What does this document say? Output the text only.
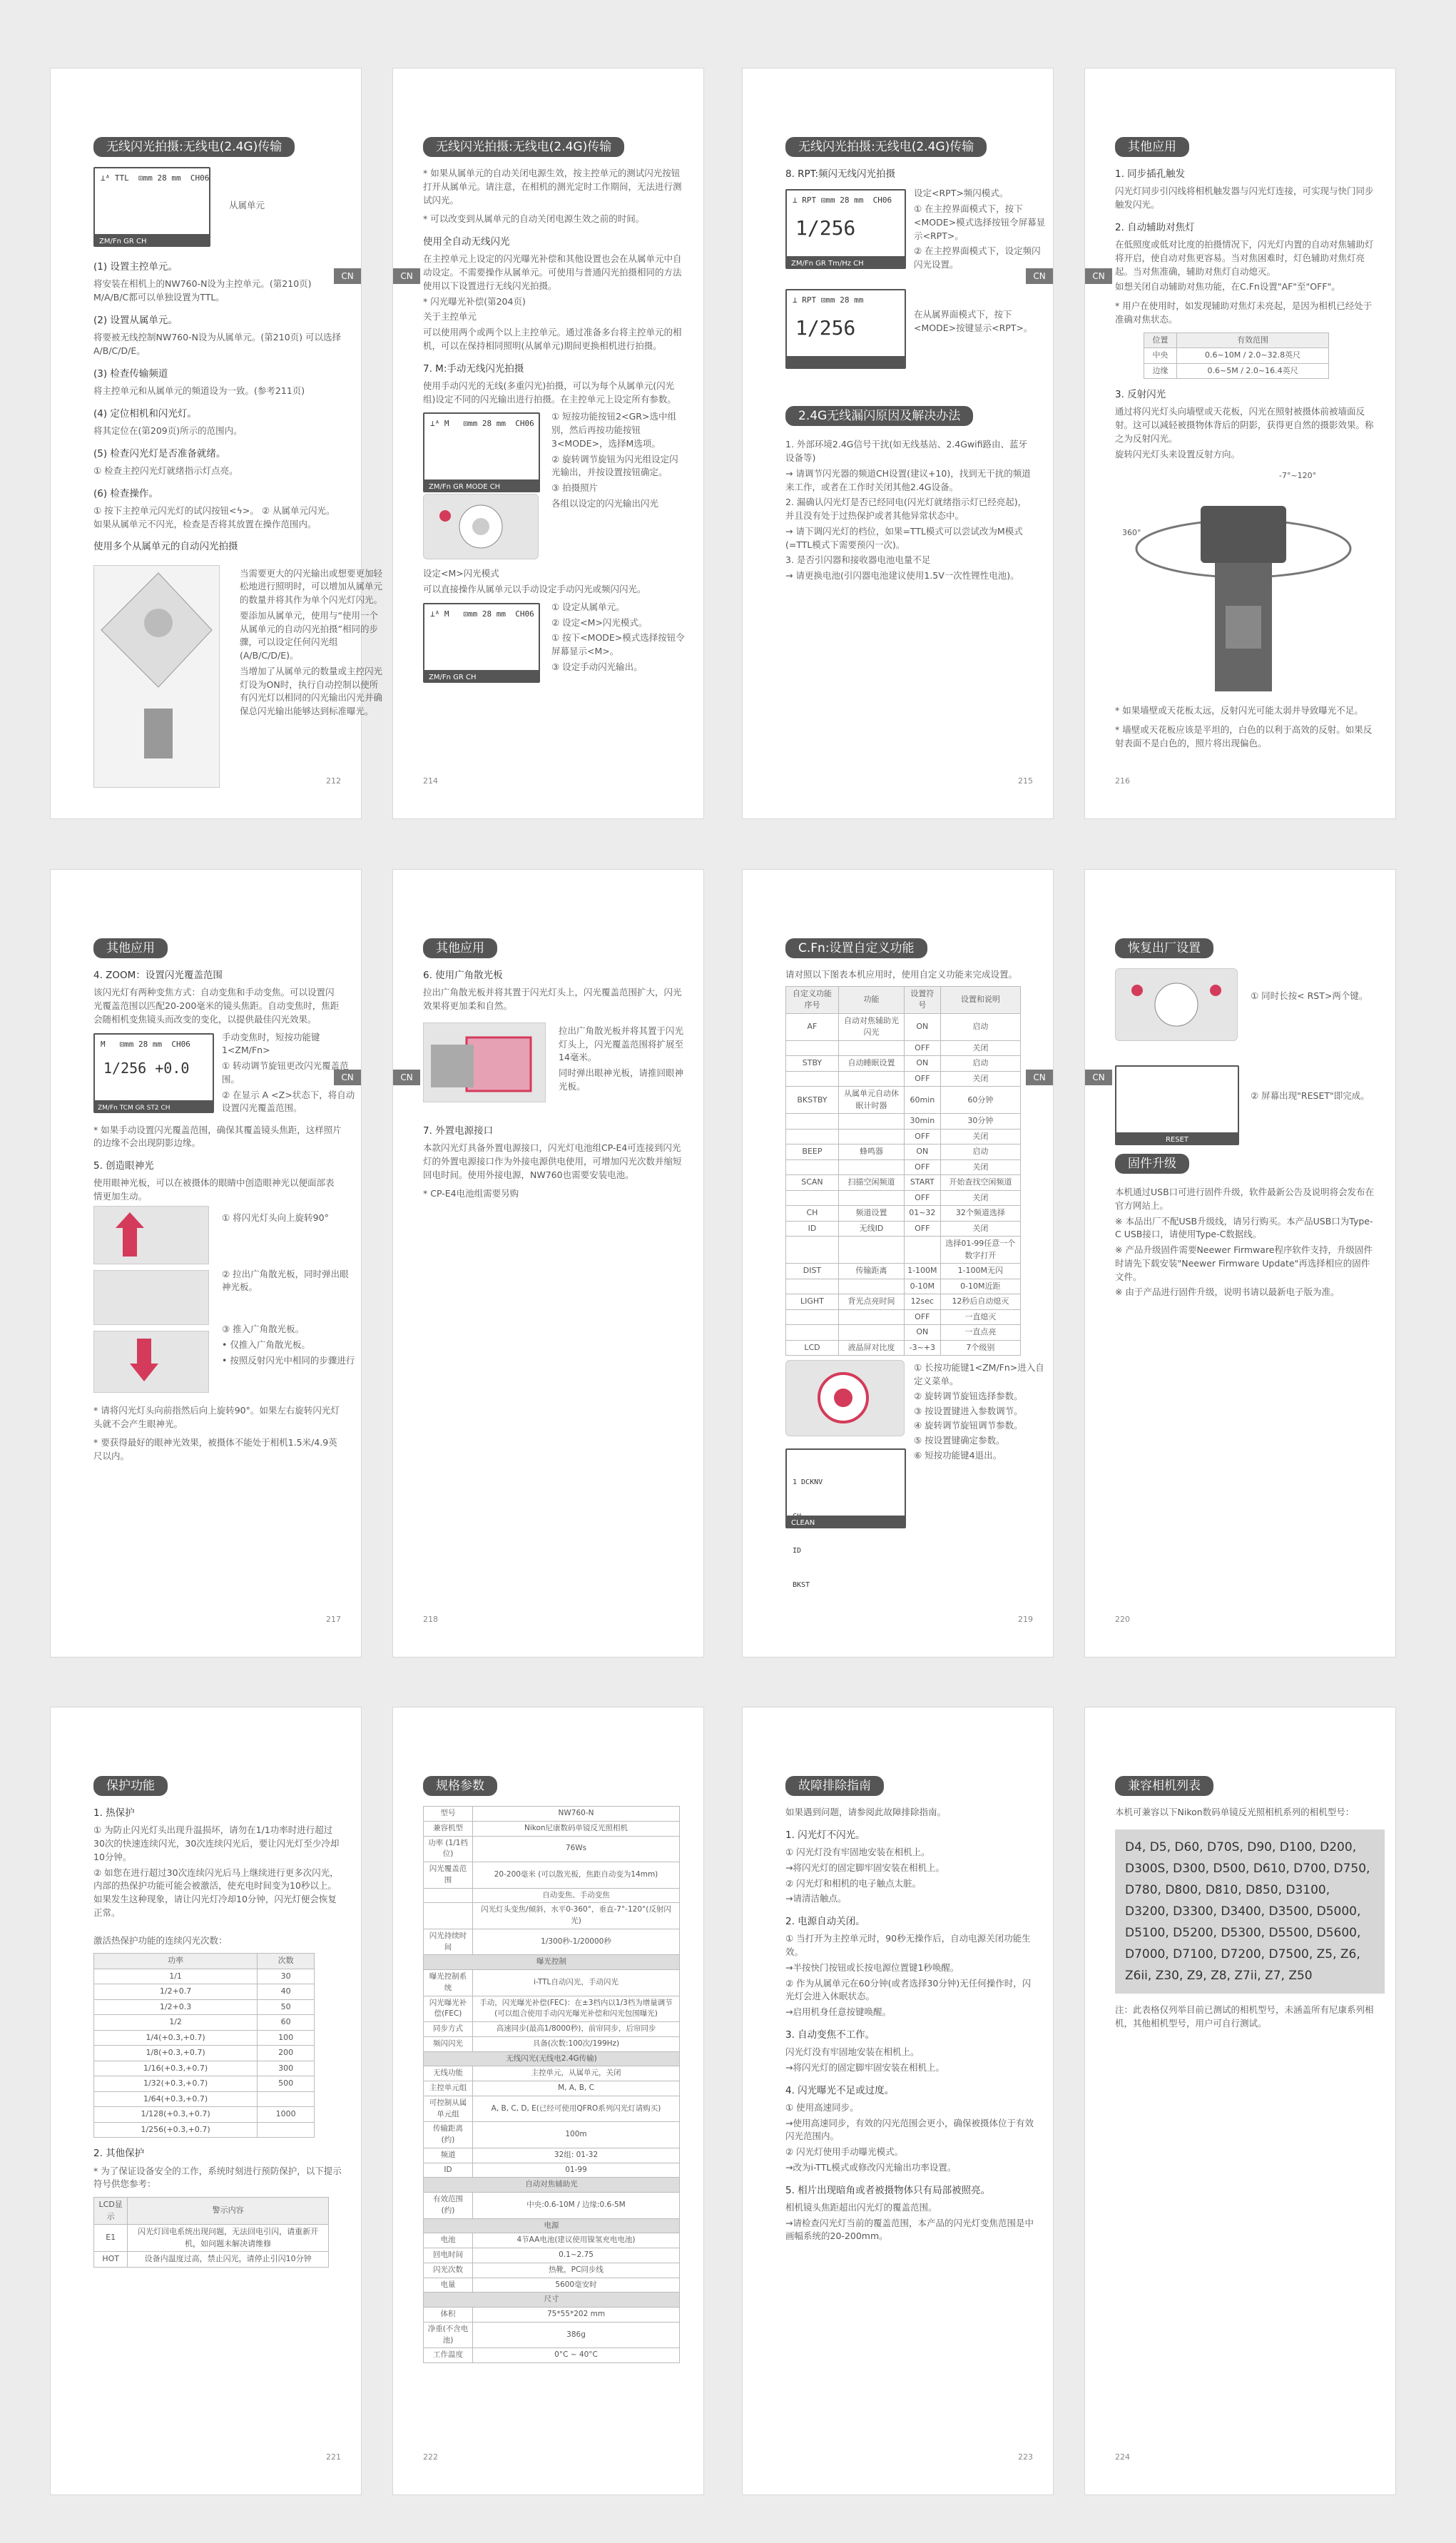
无线闪光拍摄:无线电(2.4G)传输
CN
⊥ᴬ TTL  ⊡mm 28 mm  CH06
ZM/Fn GR CH
从属单元
(1) 设置主控单元。
将安装在相机上的NW760-N设为主控单元。(第210页) M/A/B/C都可以单独设置为TTL。
(2) 设置从属单元。
将要被无线控制NW760-N设为从属单元。(第210页) 可以选择A/B/C/D/E。
(3) 检查传输频道
将主控单元和从属单元的频道设为一致。(参考211页)
(4) 定位相机和闪光灯。
将其定位在(第209页)所示的范围内。
(5) 检查闪光灯是否准备就绪。
① 检查主控闪光灯就绪指示灯点亮。
(6) 检查操作。
① 按下主控单元闪光灯的试闪按钮<ϟ>。 ② 从属单元闪光。如果从属单元不闪光，检查是否将其放置在操作范围内。
使用多个从属单元的自动闪光拍摄

当需要更大的闪光输出或想要更加轻松地进行照明时，可以增加从属单元的数量并将其作为单个闪光灯闪光。

要添加从属单元，使用与“使用一个从属单元的自动闪光拍摄”相同的步骤，可以设定任何闪光组(A/B/C/D/E)。

当增加了从属单元的数量或主控闪光灯设为ON时，执行自动控制以使所有闪光灯以相同的闪光输出闪光并确保总闪光输出能够达到标准曝光。

212
无线闪光拍摄:无线电(2.4G)传输
CN

* 如果从属单元的自动关闭电源生效，按主控单元的测试闪光按钮打开从属单元。请注意，在相机的测光定时工作期间，无法进行测试闪光。

* 可以改变到从属单元的自动关闭电源生效之前的时间。

使用全自动无线闪光

在主控单元上设定的闪光曝光补偿和其他设置也会在从属单元中自动设定。不需要操作从属单元。可使用与普通闪光拍摄相同的方法使用以下设置进行无线闪光拍摄。

* 闪光曝光补偿(第204页)

关于主控单元

可以使用两个或两个以上主控单元。通过准备多台将主控单元的相机，可以在保持相同照明(从属单元)期间更换相机进行拍摄。

7. M:手动无线闪光拍摄

使用手动闪光的无线(多重闪光)拍摄，可以为每个从属单元(闪光组)设定不同的闪光输出进行拍摄。在主控单元上设定所有参数。

⊥ᴬ M   ⊡mm 28 mm  CH06
ZM/Fn GR MODE CH

① 短按功能按钮2<GR>选中组别，然后再按功能按钮3<MODE>，选择M选项。

② 旋转调节旋钮为闪光组设定闪光输出，并按设置按钮确定。

③ 拍摄照片

各组以设定的闪光输出闪光

设定<M>闪光模式

可以直接操作从属单元以手动设定手动闪光或频闪闪光。

⊥ᴬ M   ⊡mm 28 mm  CH06
ZM/Fn GR CH

① 设定从属单元。

② 设定<M>闪光模式。

① 按下<MODE>模式选择按钮令屏幕显示<M>。

③ 设定手动闪光输出。

214
无线闪光拍摄:无线电(2.4G)传输
CN
8. RPT:频闪无线闪光拍摄
⊥ RPT ⊡mm 28 mm  CH06
1/256
ZM/Fn GR Tm/Hz CH

设定<RPT>频闪模式。

① 在主控界面模式下，按下<MODE>模式选择按钮令屏幕显示<RPT>。

② 在主控界面模式下，设定频闪闪光设置。

⊥ RPT ⊡mm 28 mm
1/256

在从属界面模式下，按下<MODE>按键显示<RPT>。

2.4G无线漏闪原因及解决办法

1. 外部环境2.4G信号干扰(如无线基站、2.4Gwifi路由、蓝牙设备等)

→ 请调节闪光器的频道CH设置(建议+10)，找到无干扰的频道来工作，或者在工作时关闭其他2.4G设备。

2. 漏确认闪光灯是否已经同电(闪光灯就绪指示灯已经亮起)，并且没有处于过热保护或者其他异常状态中。

→ 请下调闪光灯的档位，如果=TTL模式可以尝试改为M模式(=TTL模式下需要预闪一次)。

3. 是否引闪器和接收器电池电量不足

→ 请更换电池(引闪器电池建议使用1.5V一次性锂性电池)。

215
其他应用
CN
1. 同步插孔触发

闪光灯同步引闪线将相机触发器与闪光灯连接，可实现与快门同步触发闪光。

2. 自动辅助对焦灯

在低照度或低对比度的拍摄情况下，闪光灯内置的自动对焦辅助灯将开启，使自动对焦更容易。当对焦困难时，灯色辅助对焦灯亮起。当对焦准确，辅助对焦灯自动熄灭。

如想关闭自动辅助对焦功能，在C.Fn设置"AF"至"OFF"。

* 用户在使用时，如发现辅助对焦灯未亮起，是因为相机已经处于准确对焦状态。

位置	有效范围
中央	0.6~10M / 2.0~32.8英尺
边缘	0.6~5M / 2.0~16.4英尺
3. 反射闪光

通过将闪光灯头向墙壁或天花板，闪光在照射被摄体前被墙面反射。这可以减轻被摄物体背后的阴影，获得更自然的摄影效果。称之为反射闪光。

旋转闪光灯头来设置反射方向。

-7°~120°
360°

* 如果墙壁或天花板太远，反射闪光可能太弱并导致曝光不足。

* 墙壁或天花板应该是平坦的，白色的以利于高效的反射。如果反射表面不是白色的，照片将出现偏色。

216
其他应用
CN
4. ZOOM：设置闪光覆盖范围

该闪光灯有两种变焦方式：自动变焦和手动变焦。可以设置闪光覆盖范围以匹配20-200毫米的镜头焦距。自动变焦时，焦距会随相机变焦镜头而改变的变化，以提供最佳闪光效果。

M   ⊡mm 28 mm  CH06
1/256 +0.0
ZM/Fn TCM GR ST2 CH

手动变焦时，短按功能键1<ZM/Fn>

① 转动调节旋钮更改闪光覆盖范围。

② 在显示 A <Z>状态下，将自动设置闪光覆盖范围。

* 如果手动设置闪光覆盖范围，确保其覆盖镜头焦距，这样照片的边缘不会出现阴影边缘。

5. 创造眼神光

使用眼神光板，可以在被摄体的眼睛中创造眼神光以便面部表情更加生动。

① 将闪光灯头向上旋转90°

② 拉出广角散光板，同时弹出眼神光板。

③ 推入广角散光板。

• 仅推入广角散光板。

• 按照反射闪光中相同的步骤进行

* 请将闪光灯头向前指然后向上旋转90°。如果左右旋转闪光灯头就不会产生眼神光。

* 要获得最好的眼神光效果，被摄体不能处于相机1.5米/4.9英尺以内。

217
其他应用
CN
6. 使用广角散光板

拉出广角散光板并将其置于闪光灯头上，闪光覆盖范围扩大，闪光效果将更加柔和自然。

拉出广角散光板并将其置于闪光灯头上，闪光覆盖范围将扩展至14毫米。

同时弹出眼神光板，请推回眼神光板。

7. 外置电源接口

本款闪光灯具备外置电源接口，闪光灯电池组CP-E4可连接到闪光灯的外置电源接口作为外接电源供电使用，可增加闪光次数并缩短回电时间。使用外接电源，NW760也需要安装电池。

* CP-E4电池组需要另购

218
C.Fn:设置自定义功能
CN

请对照以下图表本机应用时，使用自定义功能来完成设置。

自定义功能序号	功能	设置符号	设置和说明
AF	自动对焦辅助光闪光	ON	启动
		OFF	关闭
STBY	自动睡眠设置	ON	启动
		OFF	关闭
BKSTBY	从属单元自动休眠计时器	60min	60分钟
		30min	30分钟
		OFF	关闭
BEEP	蜂鸣器	ON	启动
		OFF	关闭
SCAN	扫描空闲频道	START	开始查找空闲频道
		OFF	关闭
CH	频道设置	01~32	32个频道选择
ID	无线ID	OFF	关闭
			选择01-99任意一个数字打开
DIST	传输距离	1-100M	1-100M无闪
		0-10M	0-10M近距
LIGHT	背光点亮时间	12sec	12秒后自动熄灭
		OFF	一直熄灭
		ON	一直点亮
LCD	液晶屏对比度	-3~+3	7个级别

1 DCKNV

ID

BKST

CLEAN

① 长按功能键1<ZM/Fn>进入自定义菜单。

② 旋转调节旋钮选择参数。

③ 按设置键进入参数调节。

④ 旋转调节旋钮调节参数。

⑤ 按设置键确定参数。

⑥ 短按功能键4退出。

219
恢复出厂设置
CN
① 同时长按< RST>两个键。
RESET
② 屏幕出现"RESET"即完成。
固件升级

本机通过USB口可进行固件升级，软件最新公告及说明将会发布在官方网站上。

※ 本品出厂不配USB升级线，请另行购买。本产品USB口为Type-C USB接口，请使用Type-C数据线。

※ 产品升级固件需要Neewer Firmware程序软件支持，升级固件时请先下载安装"Neewer Firmware Update"再选择相应的固件文件。

※ 由于产品进行固件升级，说明书请以最新电子版为准。

220
保护功能
1. 热保护

① 为防止闪光灯头出现升温损坏，请勿在1/1功率时进行超过30次的快速连续闪光，30次连续闪光后，要让闪光灯至少冷却10分钟。

② 如您在进行超过30次连续闪光后马上继续进行更多次闪光，内部的热保护功能可能会被激活，使充电时间变为10秒以上。如果发生这种现象，请让闪光灯冷却10分钟，闪光灯便会恢复正常。

激活热保护功能的连续闪光次数：

功率	次数
1/1	30
1/2+0.7	40
1/2+0.3	50
1/2	60
1/4(+0.3,+0.7)	100
1/8(+0.3,+0.7)	200
1/16(+0.3,+0.7)	300
1/32(+0.3,+0.7)	500
1/64(+0.3,+0.7)	
1/128(+0.3,+0.7)	1000
1/256(+0.3,+0.7)	
2. 其他保护

* 为了保证设备安全的工作，系统时刻进行预防保护，以下提示符号供您参考：

LCD显示	警示内容
E1	闪光灯回电系统出现问题，无法回电引闪，请重新开机，如问题未解决请维修
HOT	设备内温度过高，禁止闪光，请停止引闪10分钟
221
规格参数
型号	NW760-N
兼容机型	Nikon尼康数码单镜反光照相机
功率 (1/1档位)	76Ws
闪光覆盖范围	20-200毫米 (可以散光板，焦距自动变为14mm)
	自动变焦、手动变焦
	闪光灯头变焦/倾斜，水平0-360°，垂直-7°-120°(反射闪光)
闪光持续时间	1/300秒-1/20000秒
曝光控制	
曝光控制系统	i-TTL自动闪光，手动闪光
闪光曝光补偿(FEC)	手动，闪光曝光补偿(FEC)：在±3档内以1/3档为增量调节(可以组合使用手动闪光曝光补偿和闪光包围曝光)
同步方式	高速同步(最高1/8000秒)，前帘同步，后帘同步
频闪闪光	具备(次数:100次/199Hz)
无线闪光(无线电2.4G传输)	
无线功能	主控单元，从属单元，关闭
主控单元组	M, A, B, C
可控制从属单元组	A, B, C, D, E(已经可使用QFRO系列闪光灯请购买)
传输距离(约)	100m
频道	32组: 01-32
ID	01-99
自动对焦辅助光	
有效范围(约)	中央:0.6-10M / 边缘:0.6-5M
电源	
电池	4节AA电池(建议使用镍氢充电电池)
回电时间	0.1~2.75
闪光次数	热靴，PC同步线
电量	5600毫安时
尺寸	
体积	75*55*202 mm
净重(不含电池)	386g
工作温度	0°C ~ 40°C
222
故障排除指南

如果遇到问题，请参阅此故障排除指南。

1. 闪光灯不闪光。

① 闪光灯没有牢固地安装在相机上。

→将闪光灯的固定脚牢固安装在相机上。

② 闪光灯和相机的电子触点太脏。

→请清洁触点。

2. 电源自动关闭。

① 当打开为主控单元时，90秒无操作后，自动电源关闭功能生效。

→半按快门按钮或长按电源位置键1秒唤醒。

② 作为从属单元在60分钟(或者选择30分钟)无任何操作时，闪光灯会进入休眠状态。

→启用机身任意按键唤醒。

3. 自动变焦不工作。

闪光灯没有牢固地安装在相机上。

→将闪光灯的固定脚牢固安装在相机上。

4. 闪光曝光不足或过度。

① 使用高速同步。

→使用高速同步，有效的闪光范围会更小，确保被摄体位于有效闪光范围内。

② 闪光灯使用手动曝光模式。

→改为i-TTL模式或修改闪光输出功率设置。

5. 相片出现暗角或者被摄物体只有局部被照亮。

相机镜头焦距超出闪光灯的覆盖范围。

→请检查闪光灯当前的覆盖范围，本产品的闪光灯变焦范围是中画幅系统的20-200mm。

223
兼容相机列表

本机可兼容以下Nikon数码单镜反光照相机系列的相机型号：

D4, D5, D60, D70S, D90, D100, D200, D300S, D300, D500, D610, D700, D750, D780, D800, D810, D850, D3100, D3200, D3300, D3400, D3500, D5000, D5100, D5200, D5300, D5500, D5600, D7000, D7100, D7200, D7500, Z5, Z6, Z6ii, Z30, Z9, Z8, Z7ii, Z7, Z50

注：此表格仅列举目前已测试的相机型号，未涵盖所有尼康系列相机，其他相机型号，用户可自行测试。

224
